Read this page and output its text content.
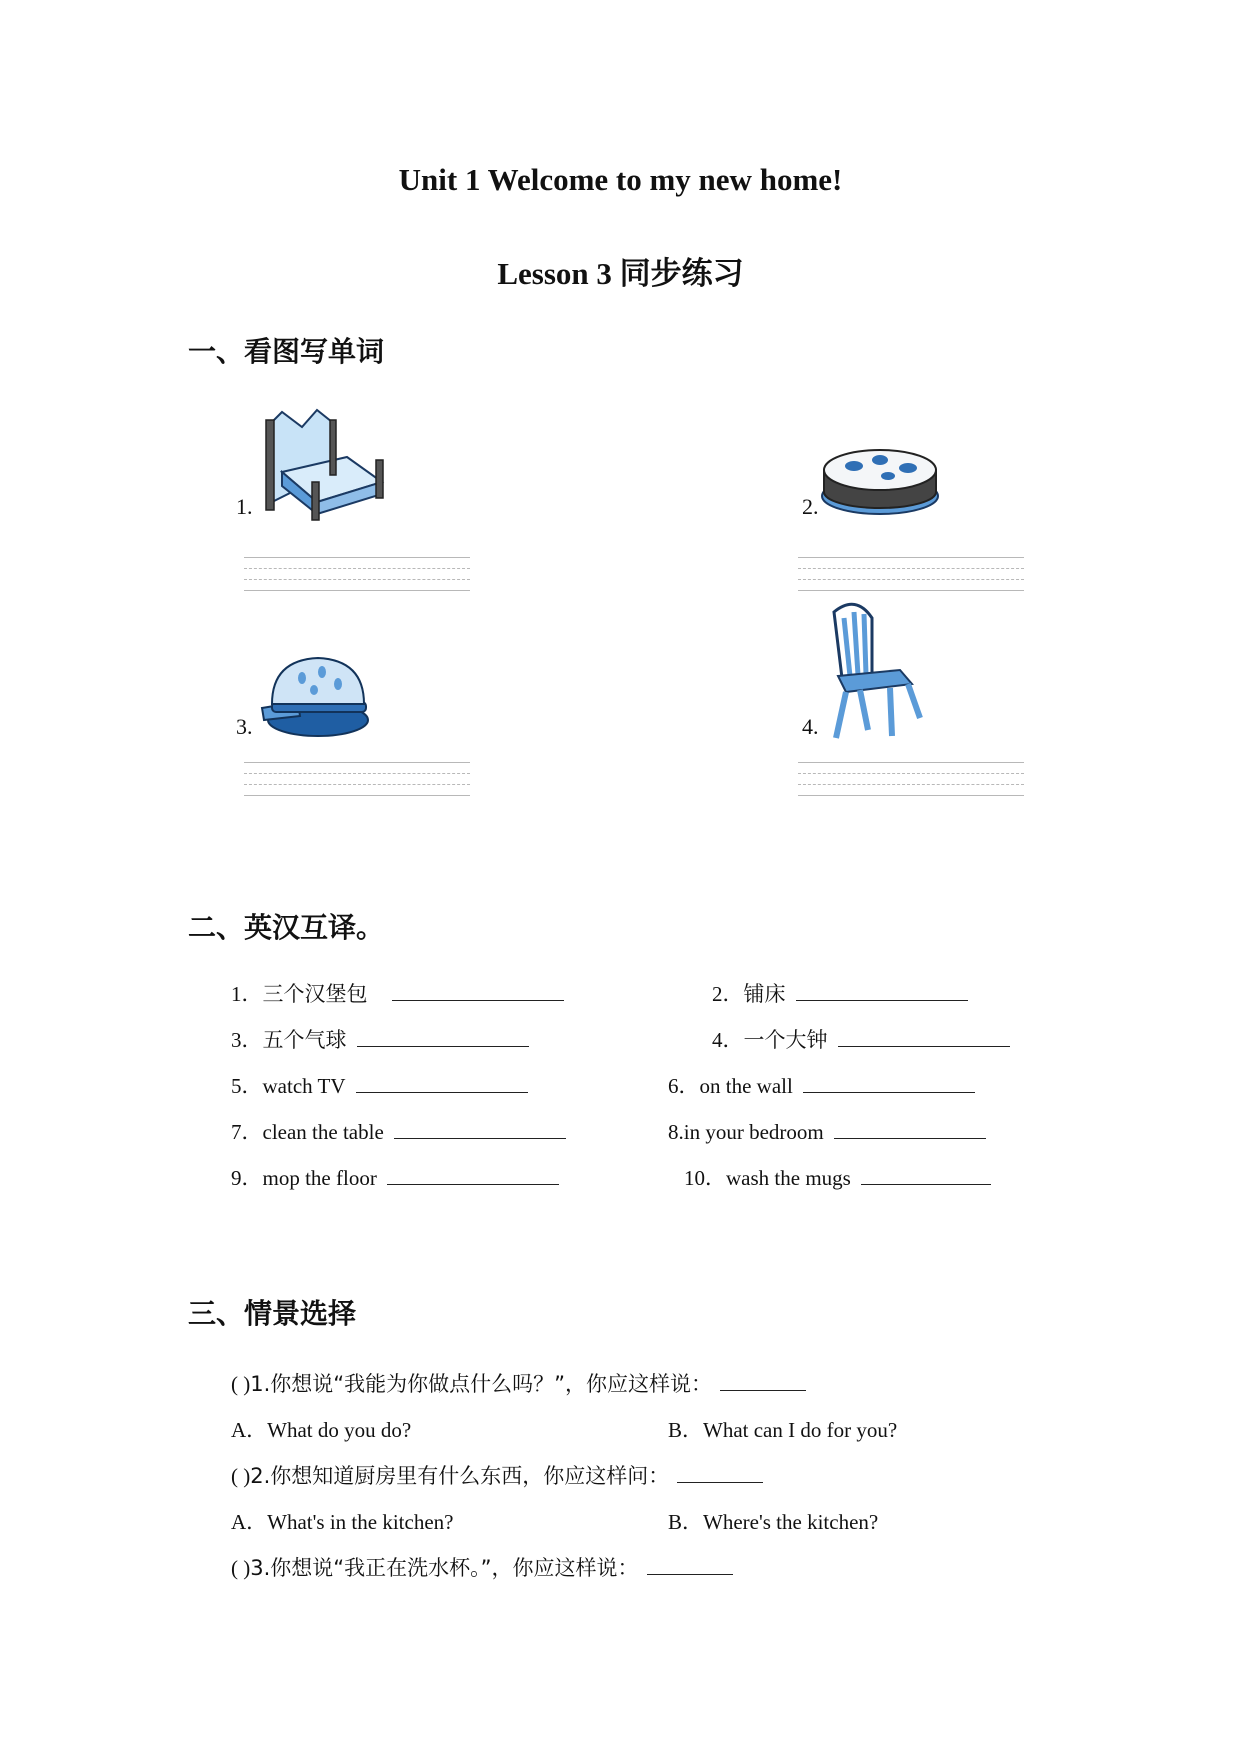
Unit 1 Welcome to my new home!
Lesson 3 同步练习
一、看图写单词
1.	2.
3.	4.
二、英汉互译。
1．三个汉堡包	2．铺床
3．五个气球	4．一个大钟
5．watch TV	6．on the wall
7．clean the table	8.in your bedroom
9．mop the floor	10．wash the mugs
三、情景选择
( )1.你想说“我能为你做点什么吗？”，你应这样说：
A．What do you do?	B．What can I do for you?
( )2.你想知道厨房里有什么东西，你应这样问：
A．What's in the kitchen?	B．Where's the kitchen?
( )3.你想说“我正在洗水杯。”，你应这样说：
